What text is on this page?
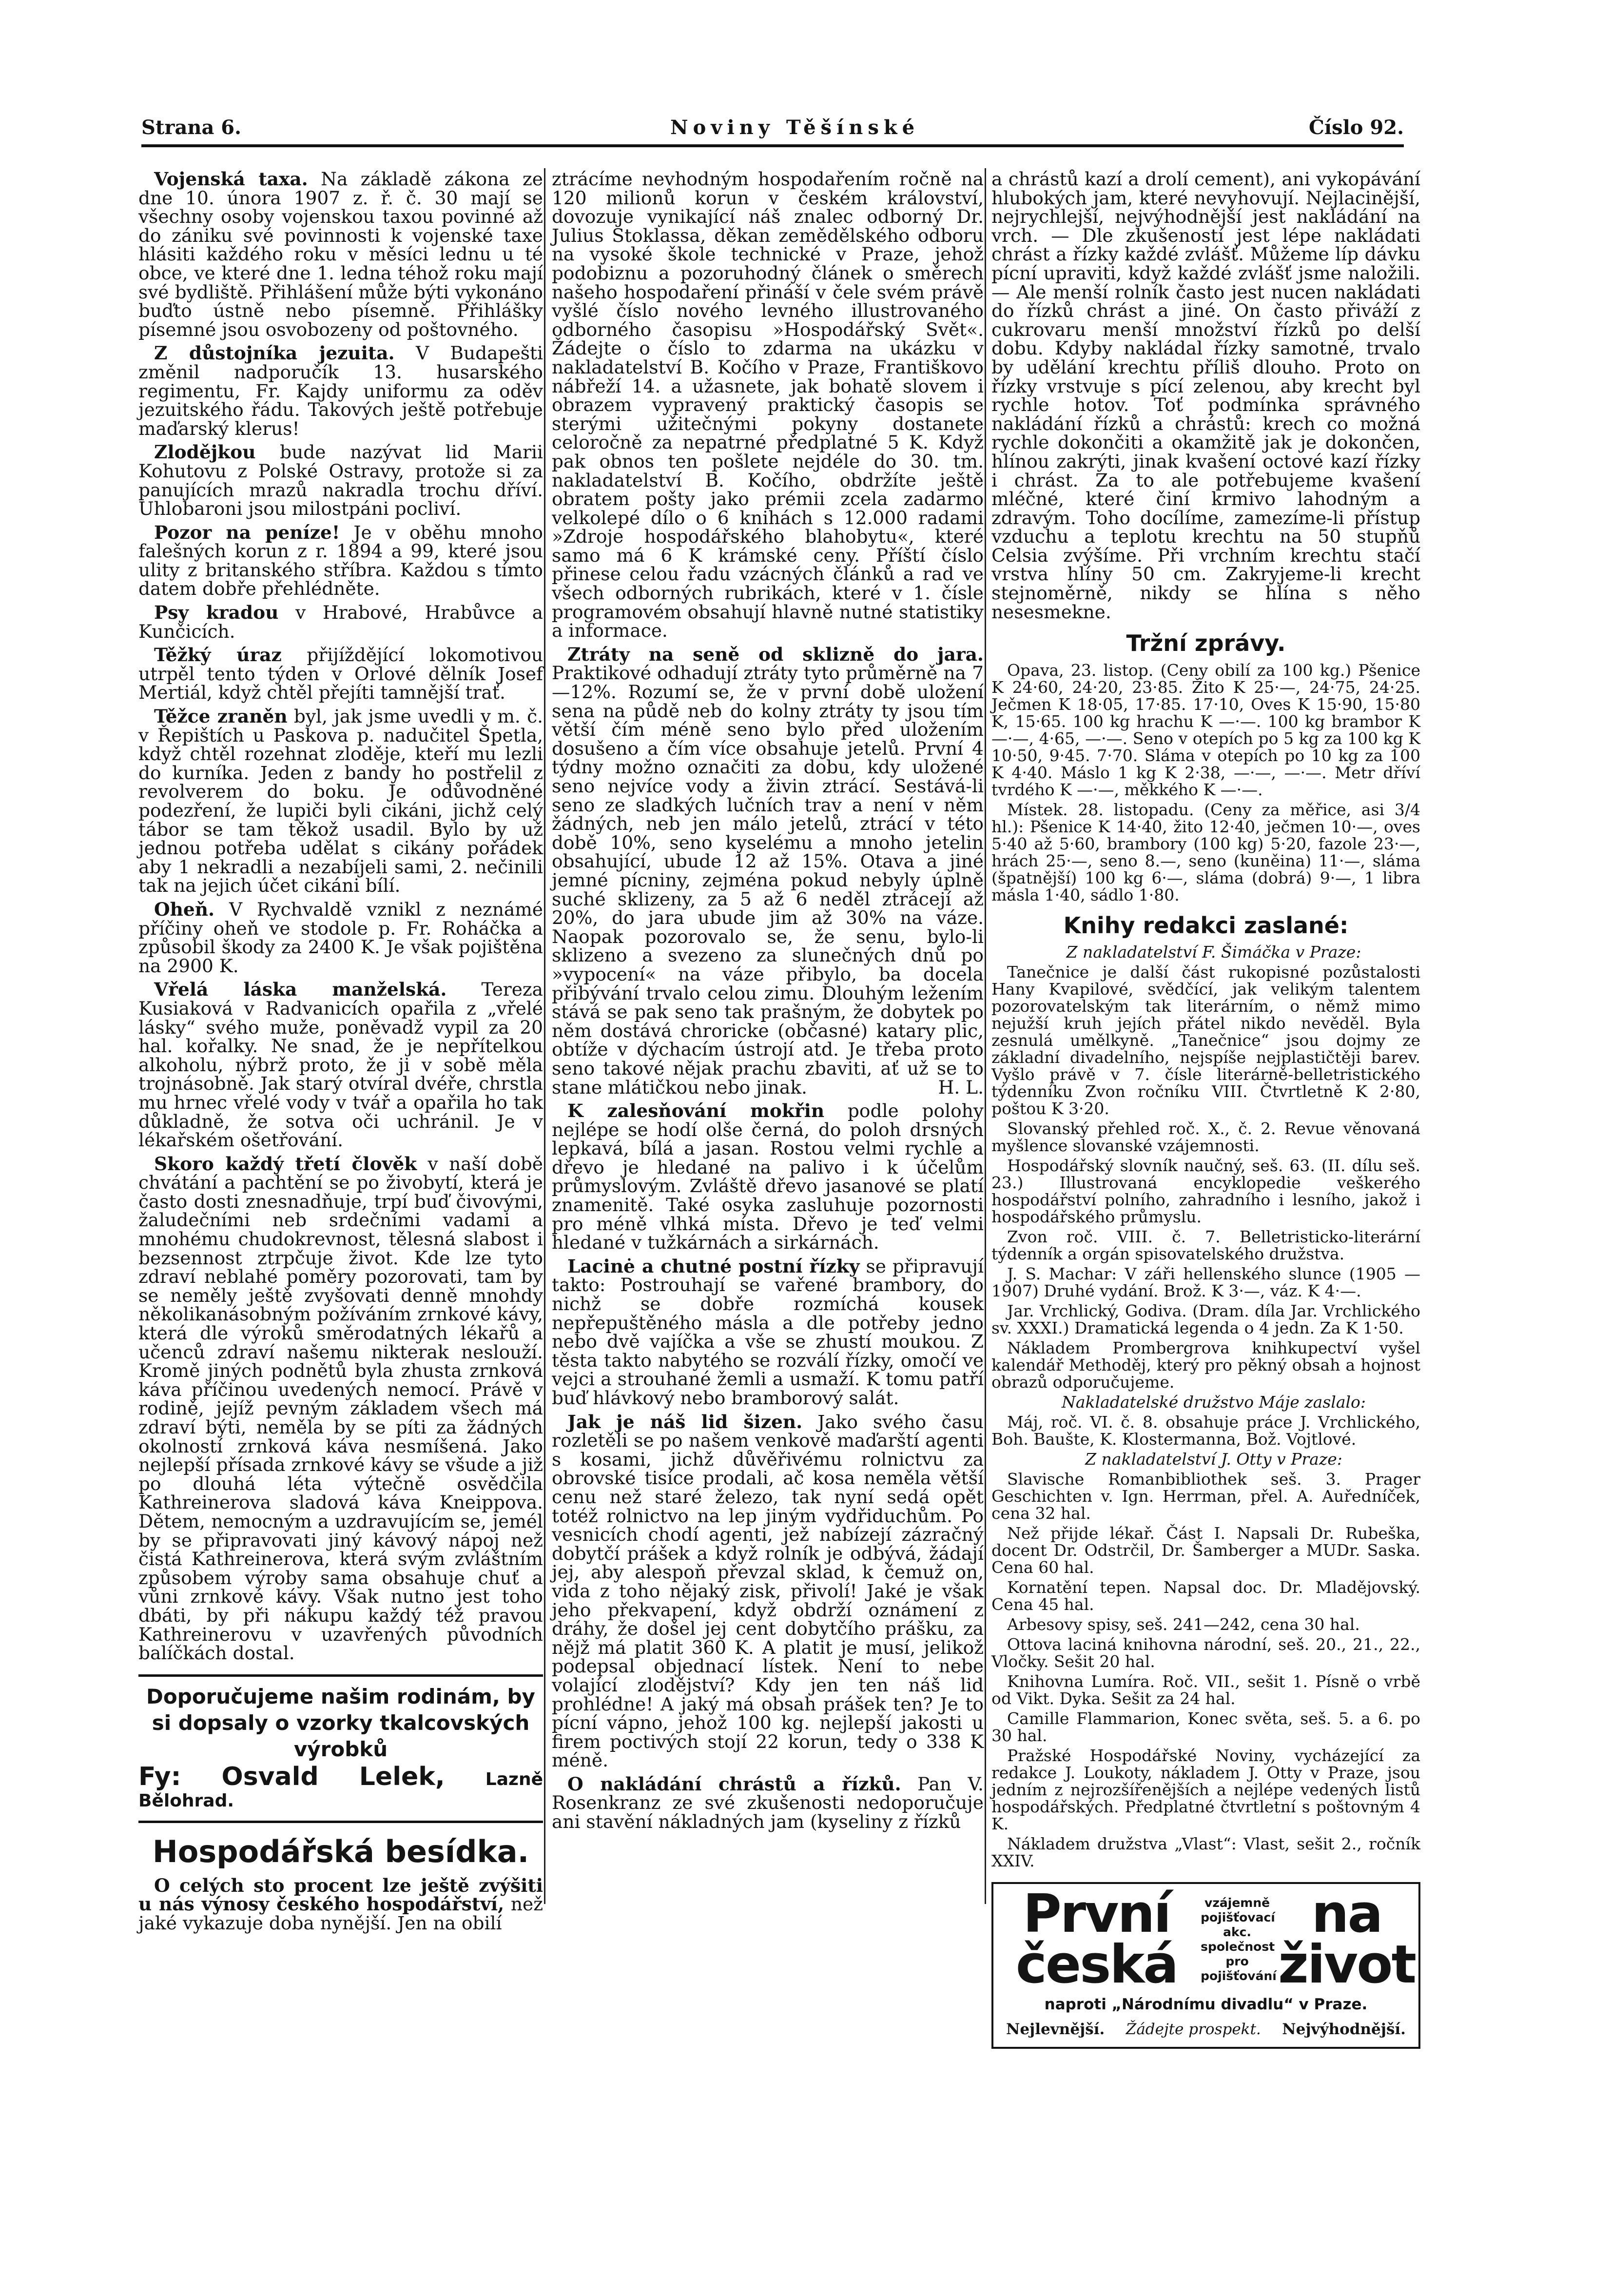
Strana 6.	Noviny Těšínské	Číslo 92.

Vojenská taxa. Na základě zákona ze dne 10. února 1907 z. ř. č. 30 mají se všechny osoby vojenskou taxou povinné až do zániku své povinnosti k vojenské taxe hlásiti každého roku v měsíci lednu u té obce, ve které dne 1. ledna téhož roku mají své bydliště. Přihlášení může býti vykonáno buďto ústně nebo písemně. Přihlášky písemné jsou osvobozeny od poštovného.

Z důstojníka jezuita. V Budapešti změnil nadporučík 13. husarského regimentu, Fr. Kajdy uniformu za oděv jezuitského řádu. Takových ještě potřebuje maďarský klerus!

Zlodějkou bude nazývat lid Marii Kohutovu z Polské Ostravy, protože si za panujících mrazů nakradla trochu dříví. Uhlobaroni jsou milostpáni pocliví.

Pozor na peníze! Je v oběhu mnoho falešných korun z r. 1894 a 99, které jsou ulity z britanského stříbra. Každou s tímto datem dobře přehlédněte.

Psy kradou v Hrabové, Hrabůvce a Kunčicích.

Těžký úraz přijíždějící lokomotivou utrpěl tento týden v Orlové dělník Josef Mertiál, když chtěl přejíti tamnější trať.

Těžce zraněn byl, jak jsme uvedli v m. č. v Řepištích u Paskova p. nadučitel Špetla, když chtěl rozehnat zloděje, kteří mu lezli do kurníka. Jeden z bandy ho postřelil z revolverem do boku. Je odůvodněné podezření, že lupiči byli cikáni, jichž celý tábor se tam těkož usadil. Bylo by už jednou potřeba udělat s cikány pořádek aby 1 nekradli a nezabíjeli sami, 2. nečinili tak na jejich účet cikáni bílí.

Oheň. V Rychvaldě vznikl z neznámé příčiny oheň ve stodole p. Fr. Roháčka a způsobil škody za 2400 K. Je však pojištěna na 2900 K.

Vřelá láska manželská. Tereza Kusiaková v Radvanicích opařila z „vřelé lásky“ svého muže, poněvadž vypil za 20 hal. kořalky. Ne snad, že je nepřítelkou alkoholu, nýbrž proto, že ji v sobě měla trojnásobně. Jak starý otvíral dvéře, chrstla mu hrnec vřelé vody v tvář a opařila ho tak důkladně, že sotva oči uchránil. Je v lékařském ošetřování.

Skoro každý třetí člověk v naší době chvátání a pachtění se po živobytí, která je často dosti znesnadňuje, trpí buď čivovými, žaludečními neb srdečními vadami a mnohému chudokrevnost, tělesná slabost i bezsennost ztrpčuje život. Kde lze tyto zdraví neblahé poměry pozorovati, tam by se neměly ještě zvyšovati denně mnohdy několikanásobným požíváním zrnkové kávy, která dle výroků směrodatných lékařů a učenců zdraví našemu nikterak neslouží. Kromě jiných podnětů byla zhusta zrnková káva příčinou uvedených nemocí. Právě v rodině, jejíž pevným základem všech má zdraví býti, neměla by se píti za žádných okolností zrnková káva nesmíšená. Jako nejlepší přísada zrnkové kávy se všude a již po dlouhá léta výtečně osvědčila Kathreinerova sladová káva Kneippova. Dětem, nemocným a uzdravujícím se, jemél by se připravovati jiný kávový nápoj než čistá Kathreinerova, která svým zvláštním způsobem výroby sama obsahuje chuť a vůni zrnkové kávy. Však nutno jest toho dbáti, by při nákupu každý též pravou Kathreinerovu v uzavřených původních balíčkách dostal.

Doporučujeme našim rodinám, by si dopsaly o vzorky tkalcovských výrobků
Fy: Osvald Lelek, Lazně Bělohrad.
Hospodářská besídka.

O celých sto procent lze ještě zvýšiti u nás výnosy českého hospodářství, než jaké vykazuje doba nynější. Jen na obilí

ztrácíme nevhodným hospodařením ročně na 120 milionů korun v českém království, dovozuje vynikající náš znalec odborný Dr. Julius Stoklassa, děkan zemědělského odboru na vysoké škole technické v Praze, jehož podobiznu a pozoruhodný článek o směrech našeho hospodaření přináší v čele svém právě vyšlé číslo nového levného illustrovaného odborného časopisu »Hospodářský Svět«. Žádejte o číslo to zdarma na ukázku v nakladatelství B. Kočího v Praze, Františkovo nábřeží 14. a užasnete, jak bohatě slovem i obrazem vypravený praktický časopis se sterými užitečnými pokyny dostanete celoročně za nepatrné předplatné 5 K. Když pak obnos ten pošlete nejdéle do 30. tm. nakladatelství B. Kočího, obdržíte ještě obratem pošty jako prémii zcela zadarmo velkolepé dílo o 6 knihách s 12.000 radami »Zdroje hospodářského blahobytu«, které samo má 6 K krámské ceny. Příští číslo přinese celou řadu vzácných článků a rad ve všech odborných rubrikách, které v 1. čísle programovém obsahují hlavně nutné statistiky a informace.

Ztráty na seně od sklizně do jara. Praktikové odhadují ztráty tyto průměrně na 7—12%. Rozumí se, že v první době uložení sena na půdě neb do kolny ztráty ty jsou tím větší čím méně seno bylo před uložením dosušeno a čím více obsahuje jetelů. První 4 týdny možno označiti za dobu, kdy uložené seno nejvíce vody a živin ztrácí. Sestává-li seno ze sladkých lučních trav a není v něm žádných, neb jen málo jetelů, ztrácí v této době 10%, seno kyselému a mnoho jetelin obsahující, ubude 12 až 15%. Otava a jiné jemné pícniny, zejména pokud nebyly úplně suché sklizeny, za 5 až 6 neděl ztrácejí až 20%, do jara ubude jim až 30% na váze. Naopak pozorovalo se, že senu, bylo-li sklizeno a svezeno za slunečných dnů po »vypocení« na váze přibylo, ba docela přibývání trvalo celou zimu. Dlouhým ležením stává se pak seno tak prašným, že dobytek po něm dostává chroricke (občasné) katary plic, obtíže v dýchacím ústrojí atd. Je třeba proto seno takové nějak prachu zbaviti, ať už se to stane mlátičkou nebo jinak.	H. L.

K zalesňování mokřin podle polohy nejlépe se hodí olše černá, do poloh drsných lepkavá, bílá a jasan. Rostou velmi rychle a dřevo je hledané na palivo i k účelům průmyslovým. Zvláště dřevo jasanové se platí znamenitě. Také osyka zasluhuje pozornosti pro méně vlhká místa. Dřevo je teď velmi hledané v tužkárnách a sirkárnách.

Lacinė a chutné postní řízky se připravují takto: Postrouhají se vařené brambory, do nichž se dobře rozmíchá kousek nepřepuštěného másla a dle potřeby jedno nebo dvě vajíčka a vše se zhustí moukou. Z těsta takto nabytého se rozválí řízky, omočí ve vejci a strouhané žemli a usmaží. K tomu patří buď hlávkový nebo bramborový salát.

Jak je náš lid šizen. Jako svého času rozletěli se po našem venkově maďarští agenti s kosami, jichž důvěřivému rolnictvu za obrovské tisíce prodali, ač kosa neměla větší cenu než staré železo, tak nyní sedá opět totéž rolnictvo na lep jiným vydřiduchům. Po vesnicích chodí agenti, jež nabízejí zázračný dobytčí prášek a když rolník je odbývá, žádají jej, aby alespoň převzal sklad, k čemuž on, vida z toho nějaký zisk, přivolí! Jaké je však jeho překvapení, když obdrží oznámení z dráhy, že došel jej cent dobytčího prášku, za nějž má platit 360 K. A platit je musí, jelikož podepsal objednací lístek. Není to nebe volající zlodějství? Kdy jen ten náš lid prohlédne! A jaký má obsah prášek ten? Je to pícní vápno, jehož 100 kg. nejlepší jakosti u firem poctivých stojí 22 korun, tedy o 338 K méně.

O nakládání chrástů a řízků. Pan V. Rosenkranz ze své zkušenosti nedoporučuje ani stavění nákladných jam (kyseliny z řízků

a chrástů kazí a drolí cement), ani vykopávání hlubokých jam, které nevyhovují. Nejlacinější, nejrychlejší, nejvýhodnější jest nakládání na vrch. — Dle zkušeností jest lépe nakládati chrást a řízky každé zvlášť. Můžeme líp dávku pícní upraviti, když každé zvlášť jsme naložili. — Ale menší rolník často jest nucen nakládati do řízků chrást a jiné. On často přiváží z cukrovaru menší množství řízků po delší dobu. Kdyby nakládal řízky samotné, trvalo by udělání krechtu příliš dlouho. Proto on řízky vrstvuje s pící zelenou, aby krecht byl rychle hotov. Toť podmínka správného nakládání řízků a chrástů: krech co možná rychle dokončiti a okamžitě jak je dokončen, hlínou zakrýti, jinak kvašení octové kazí řízky i chrást. Za to ale potřebujeme kvašení mléčné, které činí krmivo lahodným a zdravým. Toho docílíme, zamezíme-li přístup vzduchu a teplotu krechtu na 50 stupňů Celsia zvýšíme. Při vrchním krechtu stačí vrstva hlíny 50 cm. Zakryjeme-li krecht stejnoměrně, nikdy se hlína s něho nesesmekne.

Tržní zprávy.

Opava, 23. listop. (Ceny obilí za 100 kg.) Pšenice K 24·60, 24·20, 23·85. Žito K 25·—, 24·75, 24·25. Ječmen K 18·05, 17·85. 17·10, Oves K 15·90, 15·80 K, 15·65. 100 kg hrachu K —·—. 100 kg brambor K —·—, 4·65, —·—. Seno v otepích po 5 kg za 100 kg K 10·50, 9·45. 7·70. Sláma v otepích po 10 kg za 100 K 4·40. Máslo 1 kg K 2·38, —·—, —·—. Metr dříví tvrdého K —·—, měkkého K —·—.

Místek. 28. listopadu. (Ceny za měřice, asi 3/4 hl.): Pšenice K 14·40, žito 12·40, ječmen 10·—, oves 5·40 až 5·60, brambory (100 kg) 5·20, fazole 23·—, hrách 25·—, seno 8.—, seno (kuněina) 11·—, sláma (špatnější) 100 kg 6·—, sláma (dobrá) 9·—, 1 libra másla 1·40, sádlo 1·80.

Knihy redakci zaslané:

Z nakladatelství F. Šimáčka v Praze:

Tanečnice je další část rukopisné pozůstalosti Hany Kvapilové, svědčící, jak velikým talentem pozorovatelským tak literárním, o němž mimo nejužší kruh jejích přátel nikdo nevěděl. Byla zesnulá umělkyně. „Tanečnice“ jsou dojmy ze základní divadelního, nejspíše nejplastičtěji barev. Vyšlo právě v 7. čísle literárně-belletristického týdenníku Zvon ročníku VIII. Čtvrtletně K 2·80, poštou K 3·20.

Slovanský přehled roč. X., č. 2. Revue věnovaná myšlence slovanské vzájemnosti.

Hospodářský slovník naučný, seš. 63. (II. dílu seš. 23.) Illustrovaná encyklopedie veškerého hospodářství polního, zahradního i lesního, jakož i hospodářského průmyslu.

Zvon roč. VIII. č. 7. Belletristicko-literární týdenník a orgán spisovatelského družstva.

J. S. Machar: V záři hellenského slunce (1905 — 1907) Druhé vydání. Brož. K 3·—, váz. K 4·—.

Jar. Vrchlický, Godiva. (Dram. díla Jar. Vrchlického sv. XXXI.) Dramatická legenda o 4 jedn. Za K 1·50.

Nákladem Prombergrova knihkupectví vyšel kalendář Methoděj, který pro pěkný obsah a hojnost obrazů odporučujeme.

Nakladatelské družstvo Máje zaslalo:

Máj, roč. VI. č. 8. obsahuje práce J. Vrchlického, Boh. Baušte, K. Klostermanna, Bož. Vojtlové.

Z nakladatelství J. Otty v Praze:

Slavische Romanbibliothek seš. 3. Prager Geschichten v. Ign. Herrman, přel. A. Auředníček, cena 32 hal.

Než přijde lékař. Část I. Napsali Dr. Rubeška, docent Dr. Odstrčil, Dr. Šamberger a MUDr. Saska. Cena 60 hal.

Kornatění tepen. Napsal doc. Dr. Mladějovský. Cena 45 hal.

Arbesovy spisy, seš. 241—242, cena 30 hal.

Ottova laciná knihovna národní, seš. 20., 21., 22., Vločky. Sešit 20 hal.

Knihovna Lumíra. Roč. VII., sešit 1. Písně o vrbě od Vikt. Dyka. Sešit za 24 hal.

Camille Flammarion, Konec světa, seš. 5. a 6. po 30 hal.

Pražské Hospodářské Noviny, vycházející za redakce J. Loukoty, nákladem J. Otty v Praze, jsou jedním z nejrozšířenějších a nejlépe vedených listů hospodářských. Předplatné čtvrtletní s poštovným 4 K.

Nákladem družstva „Vlast“: Vlast, sešit 2., ročník XXIV.

První česká
vzájemně pojišťovací akc. společnost pro pojišťování
na život
naproti „Národnímu divadlu“ v Praze.
Nejlevnější. Žádejte prospekt. Nejvýhodnější.
